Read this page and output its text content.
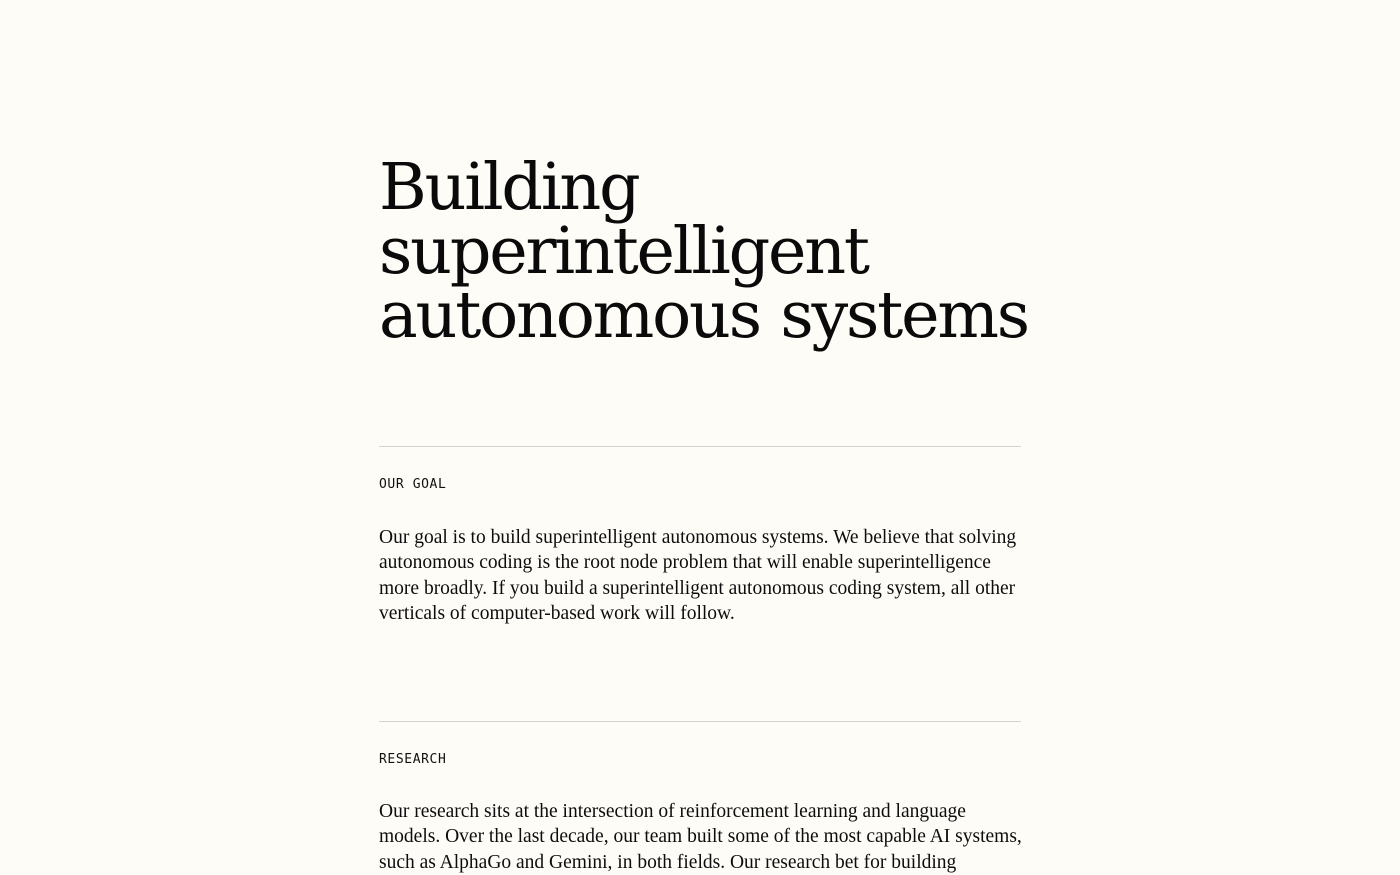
Building
superintelligent
autonomous systems
OUR GOAL

Our goal is to build superintelligent autonomous systems. We believe that solving autonomous coding is the root node problem that will enable superintelligence more broadly. If you build a superintelligent autonomous coding system, all other verticals of computer-based work will follow.

RESEARCH

Our research sits at the intersection of reinforcement learning and language models. Over the last decade, our team built some of the most capable AI systems, such as AlphaGo and Gemini, in both fields. Our research bet for building
